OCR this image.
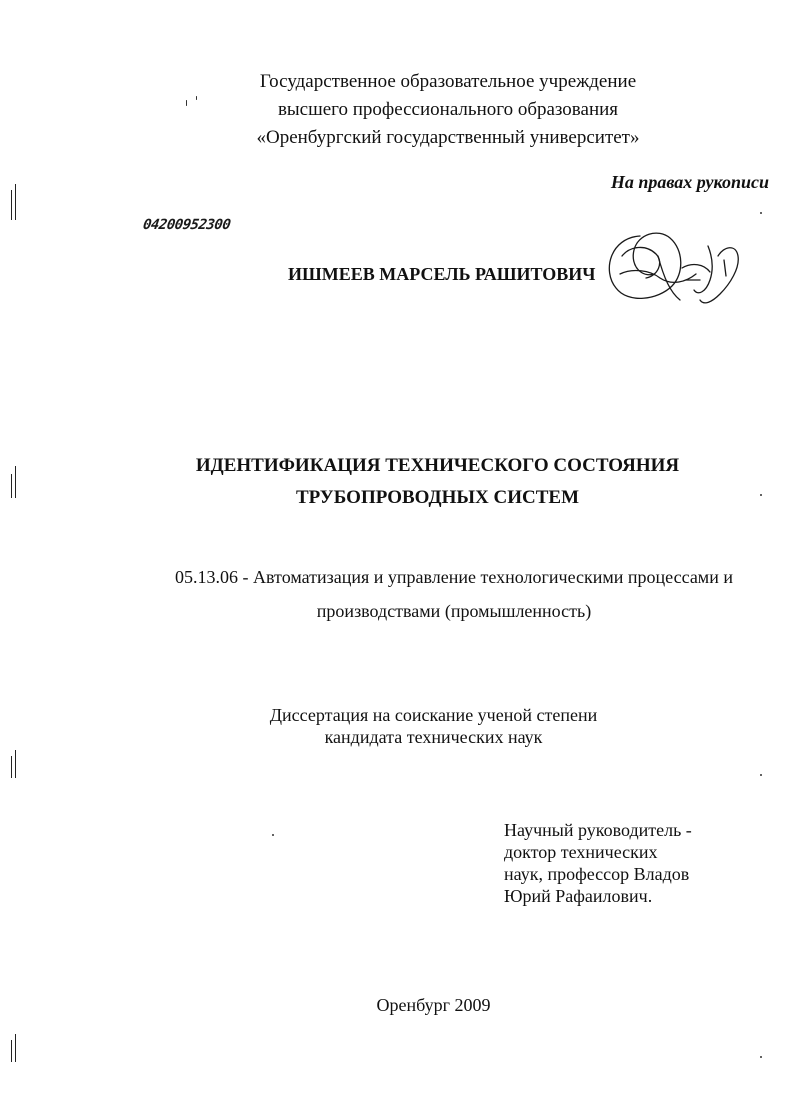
Государственное образовательное учреждение
высшего профессионального образования
«Оренбургский государственный университет»
На правах рукописи
04200952300
ИШМЕЕВ МАРСЕЛЬ РАШИТОВИЧ
ИДЕНТИФИКАЦИЯ ТЕХНИЧЕСКОГО СОСТОЯНИЯ
ТРУБОПРОВОДНЫХ СИСТЕМ
05.13.06 - Автоматизация и управление технологическими процессами и
производствами (промышленность)
Диссертация на соискание ученой степени
кандидата технических наук
Научный руководитель -
доктор технических
наук, профессор Владов
Юрий Рафаилович.
Оренбург 2009
